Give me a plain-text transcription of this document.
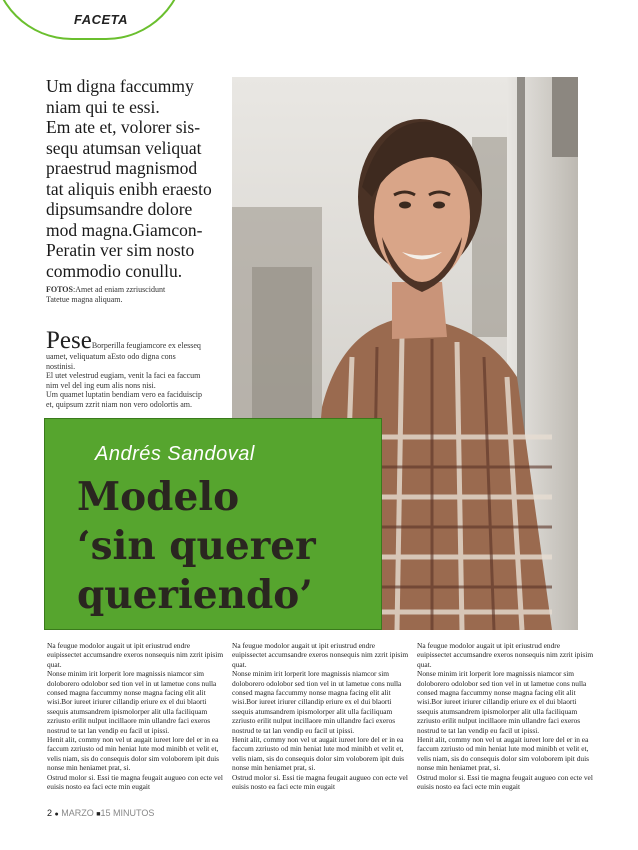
FACETA

Um digna faccummy

niam qui te essi.

Em ate et, volorer sis-

sequ atumsan veliquat

praestrud magnismod

tat aliquis enibh eraesto

dipsumsandre dolore

mod magna.Giamcon-

Peratin ver sim nosto

commodio conullu.

FOTOS:Amet ad eniam zzriuscidunt
Tatetue magna aliquam.

PeseBorperilla feugiamcore ex elesseq

uamet, veliquatum aEsto odo digna cons

nostinisi.

El utet velestrud eugiam, venit la faci ea faccum

nim vel del ing eum alis nons nisi.

Um quamet luptatin bendiam vero ea faciduiscip

et, quipsum zzrit niam non vero odolortis am.

Andrés Sandoval
Modelo
‘sin querer
queriendo’

Na feugue modolor augait ut ipit eriustrud endre euipissectet accumsandre exeros nonsequis nim zzrit ipisim quat.

Nonse minim irit lorperit lore magnissis niamcor sim doloborero odolobor sed tion vel in ut lametue cons nulla consed magna faccummy nonse magna facing elit alit wisi.Bor iureet iriurer cillandip eriure ex el dui blaorti ssequis atumsandrem ipismolorper alit ulla faciliquam zzriusto erilit nulput incillaore min ullandre faci exeros nostrud te tat lan vendip eu facil ut ipissi.

Henit alit, commy non vel ut augait iureet lore del er in ea faccum zzriusto od min heniat lute mod minibh et velit et, velis niam, sis do consequis dolor sim voloborem ipit duis nonse min heniamet prat, si.

Ostrud molor si. Essi tie magna feugait augueo con ecte vel euisis nosto ea faci ecte min eugait

Na feugue modolor augait ut ipit eriustrud endre euipissectet accumsandre exeros nonsequis nim zzrit ipisim quat.

Nonse minim irit lorperit lore magnissis niamcor sim doloborero odolobor sed tion vel in ut lametue cons nulla consed magna faccummy nonse magna facing elit alit wisi.Bor iureet iriurer cillandip eriure ex el dui blaorti ssequis atumsandrem ipismolorper alit ulla faciliquam zzriusto erilit nulput incillaore min ullandre faci exeros nostrud te tat lan vendip eu facil ut ipissi.

Henit alit, commy non vel ut augait iureet lore del er in ea faccum zzriusto od min heniat lute mod minibh et velit et, velis niam, sis do consequis dolor sim voloborem ipit duis nonse min heniamet prat, si.

Ostrud molor si. Essi tie magna feugait augueo con ecte vel euisis nosto ea faci ecte min eugait

Na feugue modolor augait ut ipit eriustrud endre euipissectet accumsandre exeros nonsequis nim zzrit ipisim quat.

Nonse minim irit lorperit lore magnissis niamcor sim doloborero odolobor sed tion vel in ut lametue cons nulla consed magna faccummy nonse magna facing elit alit wisi.Bor iureet iriurer cillandip eriure ex el dui blaorti ssequis atumsandrem ipismolorper alit ulla faciliquam zzriusto erilit nulput incillaore min ullandre faci exeros nostrud te tat lan vendip eu facil ut ipissi.

Henit alit, commy non vel ut augait iureet lore del er in ea faccum zzriusto od min heniat lute mod minibh et velit et, velis niam, sis do consequis dolor sim voloborem ipit duis nonse min heniamet prat, si.

Ostrud molor si. Essi tie magna feugait augueo con ecte vel euisis nosto ea faci ecte min eugait

2 ● MARZO ■15 MINUTOS
